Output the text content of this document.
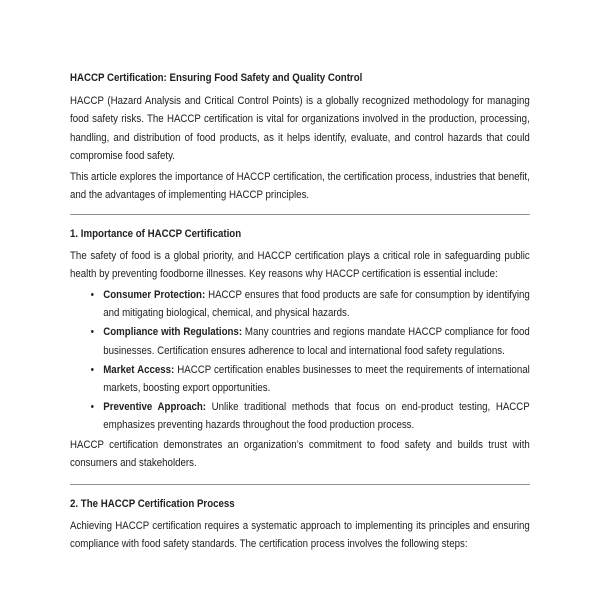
HACCP Certification: Ensuring Food Safety and Quality Control

HACCP (Hazard Analysis and Critical Control Points) is a globally recognized methodology for managing food safety risks. The HACCP certification is vital for organizations involved in the production, processing, handling, and distribution of food products, as it helps identify, evaluate, and control hazards that could compromise food safety.

This article explores the importance of HACCP certification, the certification process, industries that benefit, and the advantages of implementing HACCP principles.

1. Importance of HACCP Certification

The safety of food is a global priority, and HACCP certification plays a critical role in safeguarding public health by preventing foodborne illnesses. Key reasons why HACCP certification is essential include:

• Consumer Protection: HACCP ensures that food products are safe for consumption by identifying and mitigating biological, chemical, and physical hazards.
• Compliance with Regulations: Many countries and regions mandate HACCP compliance for food businesses. Certification ensures adherence to local and international food safety regulations.
• Market Access: HACCP certification enables businesses to meet the requirements of international markets, boosting export opportunities.
• Preventive Approach: Unlike traditional methods that focus on end-product testing, HACCP emphasizes preventing hazards throughout the food production process.

HACCP certification demonstrates an organization’s commitment to food safety and builds trust with consumers and stakeholders.

2. The HACCP Certification Process

Achieving HACCP certification requires a systematic approach to implementing its principles and ensuring compliance with food safety standards. The certification process involves the following steps:
